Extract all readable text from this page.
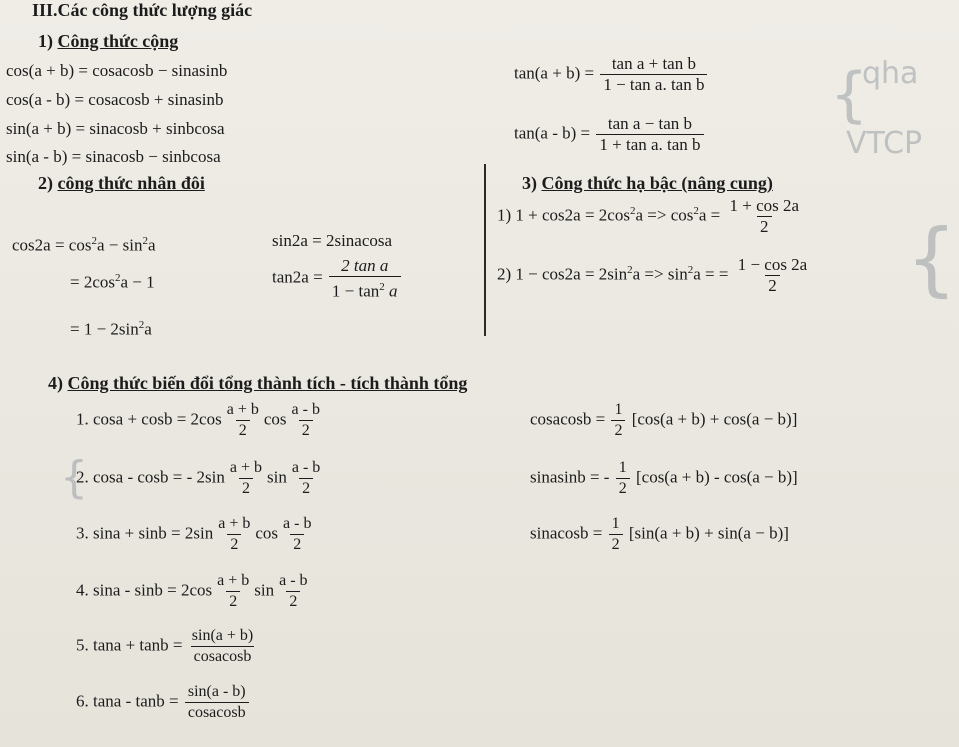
III.Các công thức lượng giác
1) Công thức cộng
cos(a + b) = cosacosb − sinasinb
cos(a - b) = cosacosb + sinasinb
sin(a + b) = sinacosb + sinbcosa
sin(a - b) = sinacosb − sinbcosa
$\tan(a + b) = \frac{\text{tan a + tan b}}{\text{1 − tan a. tan b}}$
$\tan(a - b) = \frac{\text{tan a − tan b}}{\text{1 + tan a. tan b}}$
2) công thức nhân đôi
$\cos 2a = \cos^2a - \sin^2a$
= $2\cos^2a - 1$
= $1 - 2\sin^2a$
sin2a = 2sinacosa
$\tan 2a = \frac{\text{2 tan a}}{1 - \tan^2 a}$
3) Công thức hạ bậc (nâng cung)
1) $1 + \cos 2a = 2\cos^2a => \cos^2a = \frac{1 + \cos 2a}{2}$
2) $1 - \cos 2a = 2\sin^2a => \sin^2a$ = = $\frac{1 - \cos 2a}{2}$
4) Công thức biến đổi tổng thành tích - tích thành tổng
1. $\cos a + \cos b = 2\cos \frac{a + b}{2}$ $\cos \frac{a - b}{2}$
2. cosa - cosb = - $2\sin \frac{a + b}{2}$ $\sin \frac{a - b}{2}$
3. $\sin a + \sin b = 2\sin \frac{a + b}{2}$ $\cos \frac{a - b}{2}$
4. $\sin a - \sin b = 2\cos \frac{a + b}{2}$ $\sin \frac{a - b}{2}$
5. $\tan a + \tan b = \frac{\sin(a + b)}{\text{cosacosb}}$
6. $\tan a - \tan b = \frac{\sin(a - b)}{\text{cosacosb}}$
cosacosb = $\frac{1}{2} [\cos(a + b) + \cos(a - b)]$
sinasinb = - $\frac{1}{2} [\cos(a + b) - \cos(a - b)]$
sinacosb = $\frac{1}{2} [\sin(a + b) + \sin(a - b)]$
qha
VTCP
{
{
{
